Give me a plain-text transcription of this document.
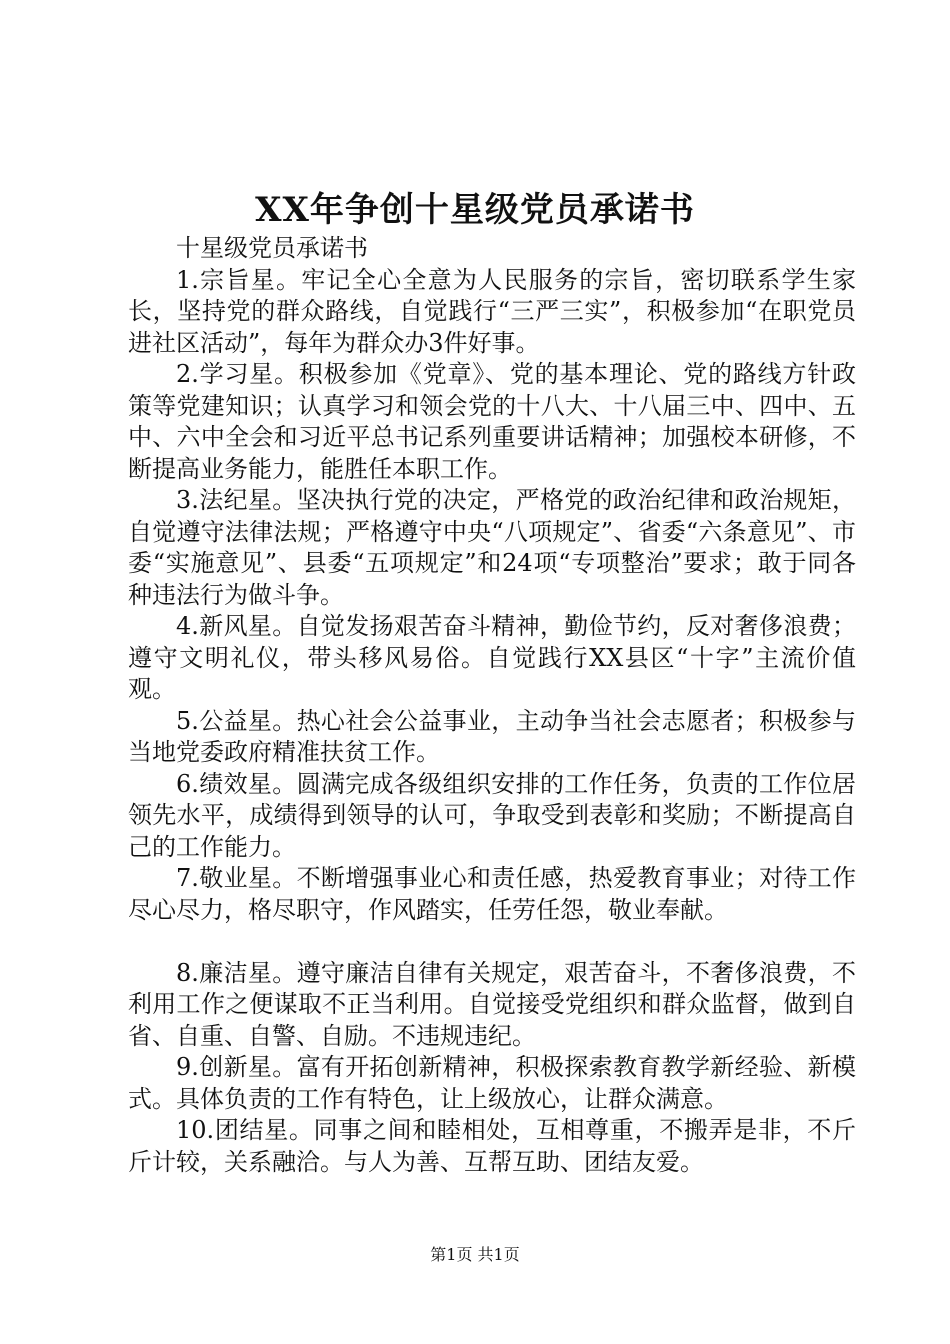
XX年争创十星级党员承诺书

十星级党员承诺书

1.宗旨星。牢记全心全意为人民服务的宗旨，密切联系学生家长，坚持党的群众路线，自觉践行“三严三实”，积极参加“在职党员进社区活动”，每年为群众办3件好事。

2.学习星。积极参加《党章》、党的基本理论、党的路线方针政策等党建知识；认真学习和领会党的十八大、十八届三中、四中、五中、六中全会和习近平总书记系列重要讲话精神；加强校本研修，不断提高业务能力，能胜任本职工作。

3.法纪星。坚决执行党的决定，严格党的政治纪律和政治规矩，自觉遵守法律法规；严格遵守中央“八项规定”、省委“六条意见”、市委“实施意见”、县委“五项规定”和24项“专项整治”要求；敢于同各种违法行为做斗争。

4.新风星。自觉发扬艰苦奋斗精神，勤俭节约，反对奢侈浪费；遵守文明礼仪，带头移风易俗。自觉践行XX县区“十字”主流价值观。

5.公益星。热心社会公益事业，主动争当社会志愿者；积极参与当地党委政府精准扶贫工作。

6.绩效星。圆满完成各级组织安排的工作任务，负责的工作位居领先水平，成绩得到领导的认可，争取受到表彰和奖励；不断提高自己的工作能力。

7.敬业星。不断增强事业心和责任感，热爱教育事业；对待工作尽心尽力，格尽职守，作风踏实，任劳任怨，敬业奉献。

8.廉洁星。遵守廉洁自律有关规定，艰苦奋斗，不奢侈浪费，不利用工作之便谋取不正当利用。自觉接受党组织和群众监督，做到自省、自重、自警、自励。不违规违纪。

9.创新星。富有开拓创新精神，积极探索教育教学新经验、新模式。具体负责的工作有特色，让上级放心，让群众满意。

10.团结星。同事之间和睦相处，互相尊重，不搬弄是非，不斤斤计较，关系融洽。与人为善、互帮互助、团结友爱。

第1页 共1页
